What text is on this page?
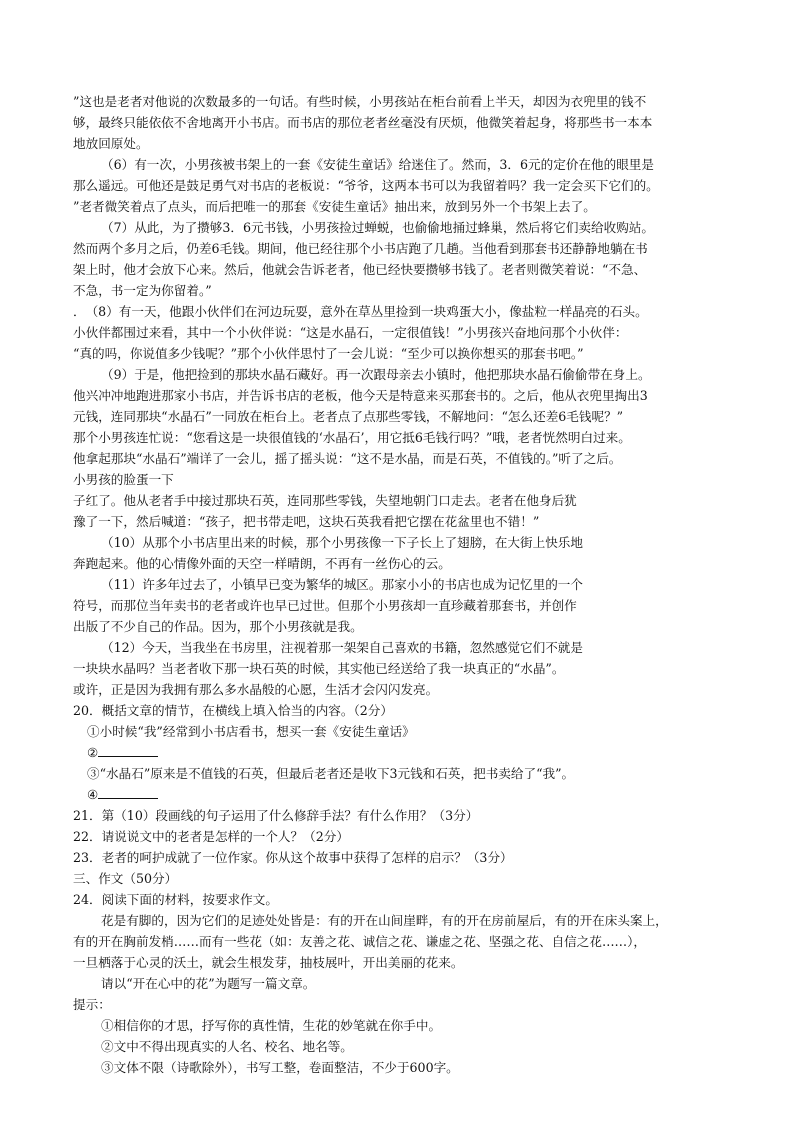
”这也是老者对他说的次数最多的一句话。有些时候，小男孩站在柜台前看上半天，却因为衣兜里的钱不
够，最终只能依依不舍地离开小书店。而书店的那位老者丝毫没有厌烦，他微笑着起身，将那些书一本本
地放回原处。
（6）有一次，小男孩被书架上的一套《安徒生童话》给迷住了。然而，3．6元的定价在他的眼里是
那么遥远。可他还是鼓足勇气对书店的老板说：“爷爷，这两本书可以为我留着吗？我一定会买下它们的。
”老者微笑着点了点头，而后把唯一的那套《安徒生童话》抽出来，放到另外一个书架上去了。
（7）从此，为了攒够3．6元书钱，小男孩捡过蝉蜕，也偷偷地捅过蜂巢，然后将它们卖给收购站。
然而两个多月之后，仍差6毛钱。期间，他已经往那个小书店跑了几趟。当他看到那套书还静静地躺在书
架上时，他才会放下心来。然后，他就会告诉老者，他已经快要攒够书钱了。老者则微笑着说：“不急、
不急，书一定为你留着。”
．　（8）有一天，他跟小伙伴们在河边玩耍，意外在草丛里捡到一块鸡蛋大小，像盐粒一样晶亮的石头。
小伙伴都围过来看，其中一个小伙伴说：“这是水晶石，一定很值钱！”小男孩兴奋地问那个小伙伴：
“真的吗，你说值多少钱呢？”那个小伙伴思忖了一会儿说：“至少可以换你想买的那套书吧。”
（9）于是，他把捡到的那块水晶石藏好。再一次跟母亲去小镇时，他把那块水晶石偷偷带在身上。
他兴冲冲地跑进那家小书店，并告诉书店的老板，他今天是特意来买那套书的。之后，他从衣兜里掏出3
元钱，连同那块“水晶石”一同放在柜台上。老者点了点那些零钱，不解地问：“怎么还差6毛钱呢？”
那个小男孩连忙说：“您看这是一块很值钱的‘水晶石’，用它抵6毛钱行吗？”哦，老者恍然明白过来。
他拿起那块“水晶石”端详了一会儿，摇了摇头说：“这不是水晶，而是石英，不值钱的。”听了之后。
小男孩的脸蛋一下
子红了。他从老者手中接过那块石英，连同那些零钱，失望地朝门口走去。老者在他身后犹
豫了一下，然后喊道：“孩子，把书带走吧，这块石英我看把它摆在花盆里也不错！”
（10）从那个小书店里出来的时候，那个小男孩像一下子长上了翅膀，在大街上快乐地
奔跑起来。他的心情像外面的天空一样晴朗，不再有一丝伤心的云。
（11）许多年过去了，小镇早已变为繁华的城区。那家小小的书店也成为记忆里的一个
符号，而那位当年卖书的老者或许也早已过世。但那个小男孩却一直珍藏着那套书，并创作
出版了不少自己的作品。因为，那个小男孩就是我。
（12）今天，当我坐在书房里，注视着那一架架自己喜欢的书籍，忽然感觉它们不就是
一块块水晶吗？当老者收下那一块石英的时候，其实他已经送给了我一块真正的“水晶”。
或许，正是因为我拥有那么多水晶般的心愿，生活才会闪闪发亮。
20．概括文章的情节，在横线上填入恰当的内容。（2分）
①小时候“我”经常到小书店看书，想买一套《安徒生童话》
②
③“水晶石”原来是不值钱的石英，但最后老者还是收下3元钱和石英，把书卖给了“我”。
④
21．第（10）段画线的句子运用了什么修辞手法？有什么作用？（3分）
22．请说说文中的老者是怎样的一个人？（2分）
23．老者的呵护成就了一位作家。你从这个故事中获得了怎样的启示？（3分）
三、作文（50分）
24．阅读下面的材料，按要求作文。
花是有脚的，因为它们的足迹处处皆是：有的开在山间崖畔，有的开在房前屋后，有的开在床头案上，
有的开在胸前发梢……而有一些花（如：友善之花、诚信之花、谦虚之花、坚强之花、自信之花……），
一旦栖落于心灵的沃土，就会生根发芽，抽枝展叶，开出美丽的花来。
请以“开在心中的花”为题写一篇文章。
提示：
①相信你的才思，抒写你的真性情，生花的妙笔就在你手中。
②文中不得出现真实的人名、校名、地名等。
③文体不限（诗歌除外），书写工整，卷面整洁，不少于600字。
